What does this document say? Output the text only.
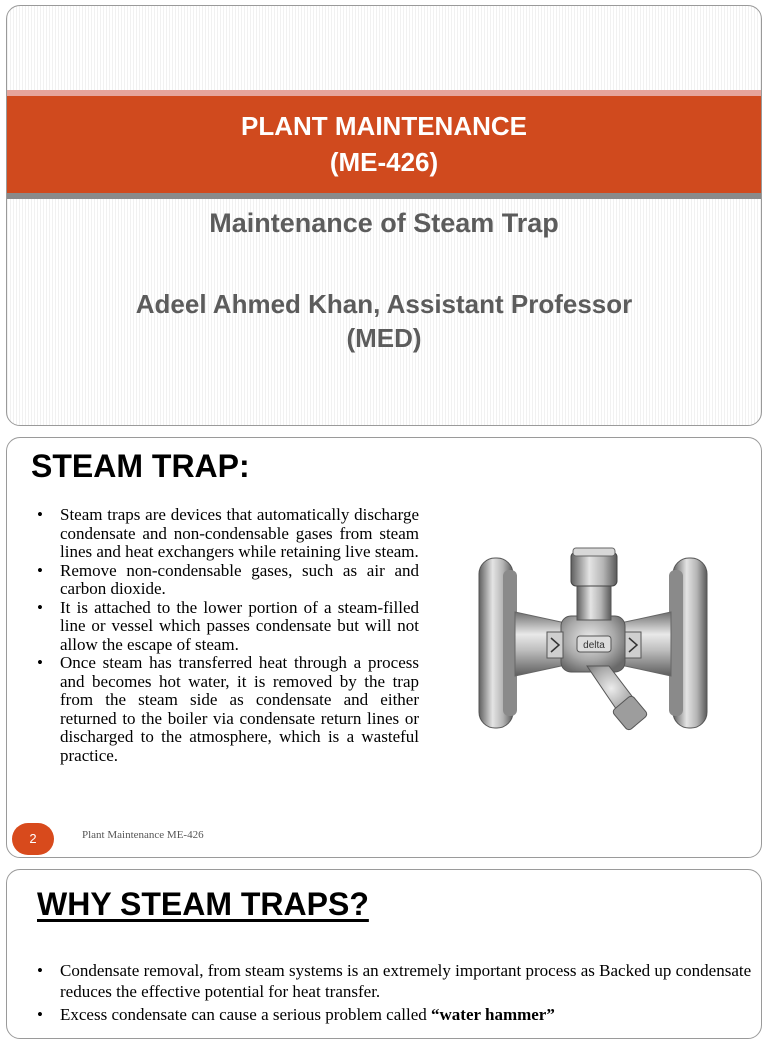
PLANT MAINTENANCE
(ME-426)
Maintenance of Steam Trap
Adeel Ahmed Khan, Assistant Professor
(MED)
STEAM TRAP:
• Steam traps are devices that automatically discharge condensate and non-condensable gases from steam lines and heat exchangers while retaining live steam.
• Remove non-condensable gases, such as air and carbon dioxide.
• It is attached to the lower portion of a steam-filled line or vessel which passes condensate but will not allow the escape of steam.
• Once steam has transferred heat through a process and becomes hot water, it is removed by the trap from the steam side as condensate and either returned to the boiler via condensate return lines or discharged to the atmosphere, which is a wasteful practice.
delta
2	Plant Maintenance ME-426
WHY STEAM TRAPS?
• Condensate removal, from steam systems is an extremely important process as Backed up condensate reduces the effective potential for heat transfer.
• Excess condensate can cause a serious problem called “water hammer”
